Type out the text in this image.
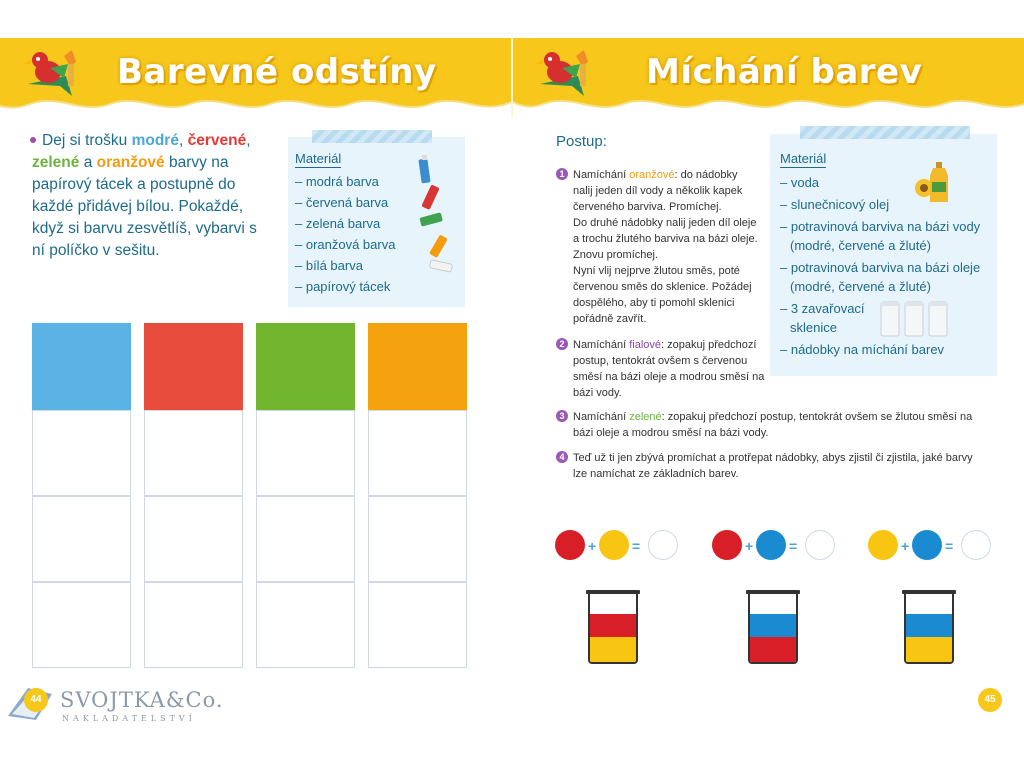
Barevné odstíny	Míchání barev
Dej si trošku modré, červené,
zelené a oranžové barvy na papírový tácek a postupně do každé přidávej bílou. Pokaždé, když si barvu zesvětlíš, vybarvi s ní políčko v sešitu.
Materiál
– modrá barva
– červená barva
– zelená barva
– oranžová barva
– bílá barva
– papírový tácek
44 SVOJTKA&Co.
NAKLADATELSTVÍ
Postup:
1 Namíchání oranžové: do nádobky
nalij jeden díl vody a několik kapek
červeného barviva. Promíchej.
Do druhé nádobky nalij jeden díl oleje
a trochu žlutého barviva na bázi oleje.
Znovu promíchej.
Nyní vlij nejprve žlutou směs, poté
červenou směs do sklenice. Požádej
dospělého, aby ti pomohl sklenici
pořádně zavřít.
2 Namíchání fialové: zopakuj předchozí
postup, tentokrát ovšem s červenou
směsí na bázi oleje a modrou směsí na
bázi vody.
3 Namíchání zelené: zopakuj předchozí postup, tentokrát ovšem se žlutou směsí na
bázi oleje a modrou směsí na bázi vody.
4 Teď už ti jen zbývá promíchat a protřepat nádobky, abys zjistil či zjistila, jaké barvy
lze namíchat ze základních barev.
Materiál
– voda
– slunečnicový olej
– potravinová barviva na bázi vody
(modré, červené a žluté)
– potravinová barviva na bázi oleje
(modré, červené a žluté)
– 3 zavařovací
sklenice
– nádobky na míchání barev
+	=	+	=	+	=
45
